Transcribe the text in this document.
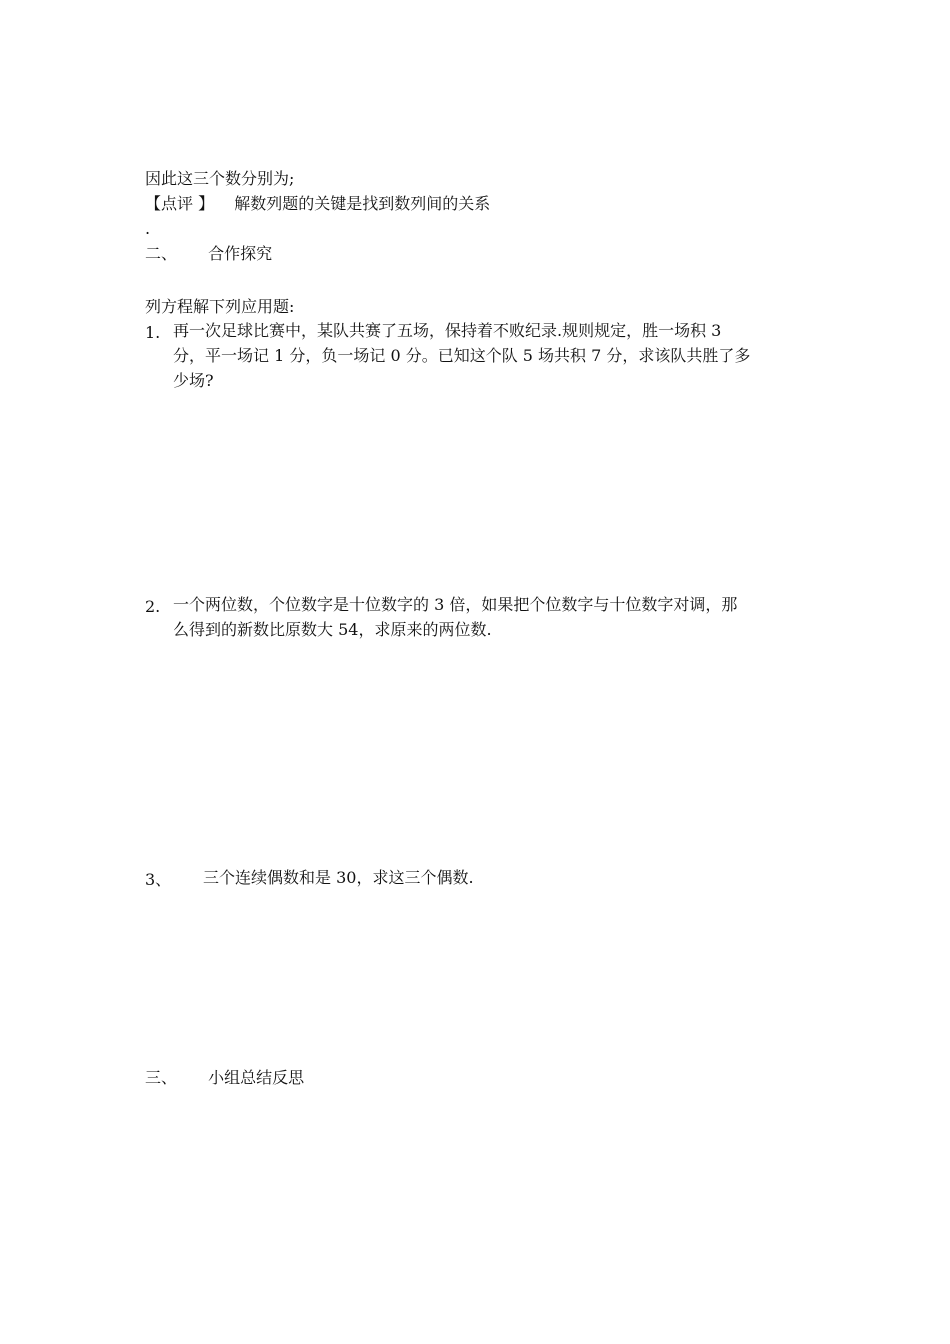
因此这三个数分别为;
【点评 】 解数列题的关键是找到数列间的关系
.
二、 合作探究
列方程解下列应用题:
1. 再一次足球比赛中，某队共赛了五场，保持着不败纪录.规则规定，胜一场积 3
分，平一场记 1 分，负一场记 0 分。已知这个队 5 场共积 7 分，求该队共胜了多
少场?
2. 一个两位数，个位数字是十位数字的 3 倍，如果把个位数字与十位数字对调，那
么得到的新数比原数大 54，求原来的两位数.
3、 三个连续偶数和是 30，求这三个偶数.
三、 小组总结反思
